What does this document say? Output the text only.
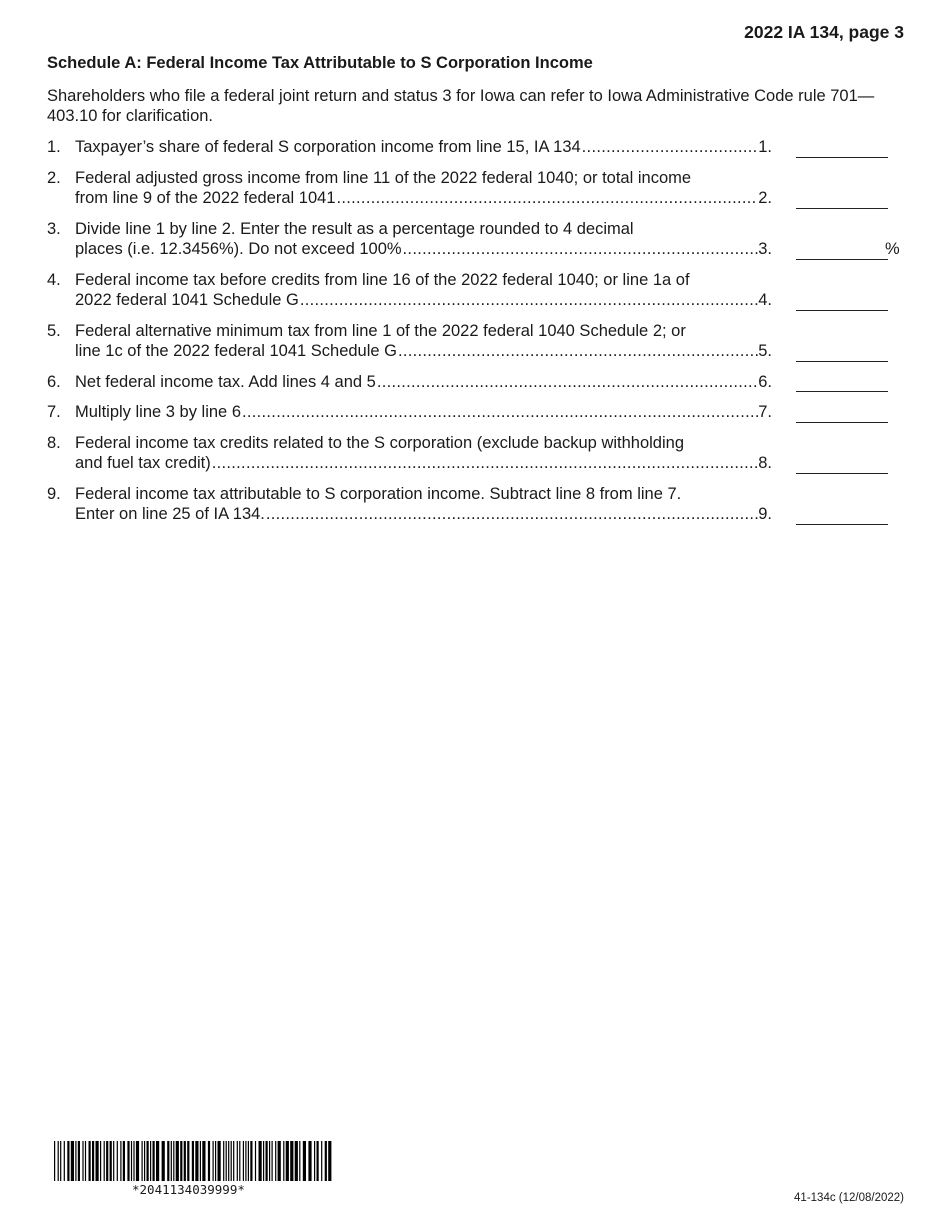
2022 IA 134, page 3
Schedule A: Federal Income Tax Attributable to S Corporation Income
Shareholders who file a federal joint return and status 3 for Iowa can refer to Iowa Administrative Code rule 701—403.10 for clarification.
1. Taxpayer’s share of federal S corporation income from line 15, IA 134 .....	1.
2. Federal adjusted gross income from line 11 of the 2022 federal 1040; or total income
from line 9 of the 2022 federal 1041 .....	2.
3. Divide line 1 by line 2. Enter the result as a percentage rounded to 4 decimal
places (i.e. 12.3456%). Do not exceed 100% .....	3.	%
4. Federal income tax before credits from line 16 of the 2022 federal 1040; or line 1a of
2022 federal 1041 Schedule G .....	4.
5. Federal alternative minimum tax from line 1 of the 2022 federal 1040 Schedule 2; or
line 1c of the 2022 federal 1041 Schedule G .....	5.
6. Net federal income tax. Add lines 4 and 5 .....	6.
7. Multiply line 3 by line 6 .....	7.
8. Federal income tax credits related to the S corporation (exclude backup withholding
and fuel tax credit) .....	8.
9. Federal income tax attributable to S corporation income. Subtract line 8 from line 7.
Enter on line 25 of IA 134. .....	9.
*2041134039999*
41-134c (12/08/2022)
